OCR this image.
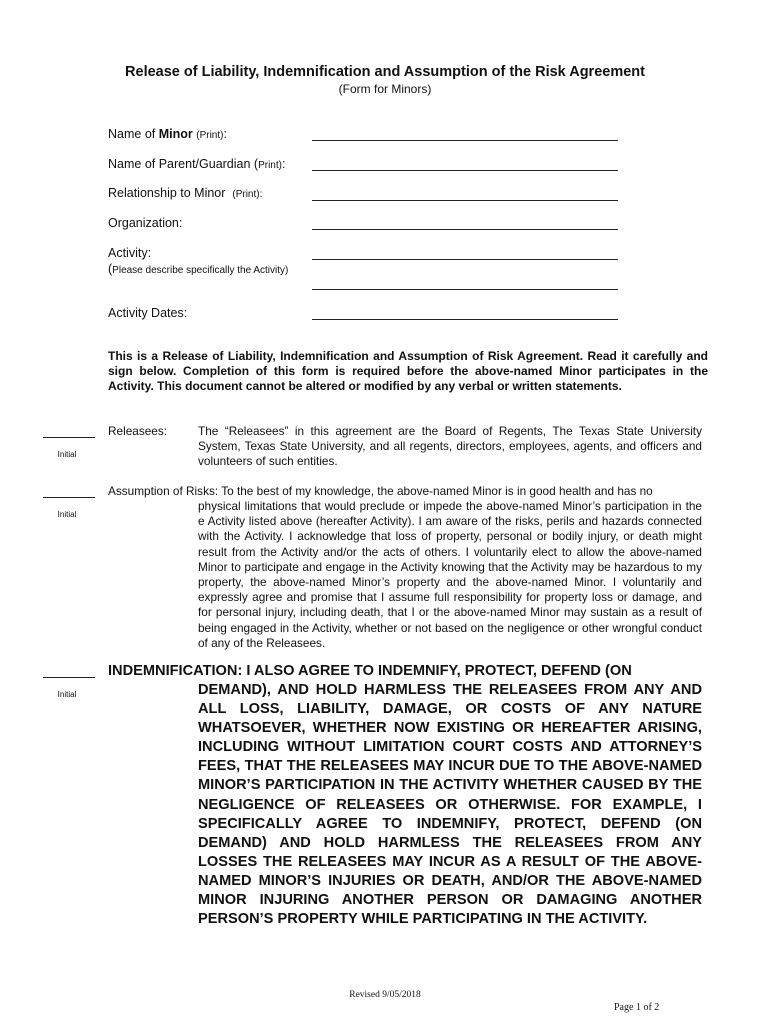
Release of Liability, Indemnification and Assumption of the Risk Agreement
(Form for Minors)
Name of Minor (Print):
Name of Parent/Guardian (Print):
Relationship to Minor (Print):
Organization:
Activity:
(Please describe specifically the Activity)
Activity Dates:
This is a Release of Liability, Indemnification and Assumption of Risk Agreement. Read it carefully and sign below. Completion of this form is required before the above-named Minor participates in the Activity. This document cannot be altered or modified by any verbal or written statements.
Initial
Releasees:	The “Releasees” in this agreement are the Board of Regents, The Texas State University System, Texas State University, and all regents, directors, employees, agents, and officers and volunteers of such entities.
Initial
Assumption of Risks: To the best of my knowledge, the above-named Minor is in good health and has no
physical limitations that would preclude or impede the above-named Minor’s participation in the e Activity listed above (hereafter Activity). I am aware of the risks, perils and hazards connected with the Activity. I acknowledge that loss of property, personal or bodily injury, or death might result from the Activity and/or the acts of others. I voluntarily elect to allow the above-named Minor to participate and engage in the Activity knowing that the Activity may be hazardous to my property, the above-named Minor’s property and the above-named Minor. I voluntarily and expressly agree and promise that I assume full responsibility for property loss or damage, and for personal injury, including death, that I or the above-named Minor may sustain as a result of being engaged in the Activity, whether or not based on the negligence or other wrongful conduct of any of the Releasees.
Initial
INDEMNIFICATION: I ALSO AGREE TO INDEMNIFY, PROTECT, DEFEND (ON
DEMAND), AND HOLD HARMLESS THE RELEASEES FROM ANY AND ALL LOSS, LIABILITY, DAMAGE, OR COSTS OF ANY NATURE WHATSOEVER, WHETHER NOW EXISTING OR HEREAFTER ARISING, INCLUDING WITHOUT LIMITATION COURT COSTS AND ATTORNEY’S FEES, THAT THE RELEASEES MAY INCUR DUE TO THE ABOVE-NAMED MINOR’S PARTICIPATION IN THE ACTIVITY WHETHER CAUSED BY THE NEGLIGENCE OF RELEASEES OR OTHERWISE. FOR EXAMPLE, I SPECIFICALLY AGREE TO INDEMNIFY, PROTECT, DEFEND (ON DEMAND) AND HOLD HARMLESS THE RELEASEES FROM ANY LOSSES THE RELEASEES MAY INCUR AS A RESULT OF THE ABOVE-NAMED MINOR’S INJURIES OR DEATH, AND/OR THE ABOVE-NAMED MINOR INJURING ANOTHER PERSON OR DAMAGING ANOTHER PERSON’S PROPERTY WHILE PARTICIPATING IN THE ACTIVITY.
Revised 9/05/2018
Page 1 of 2
